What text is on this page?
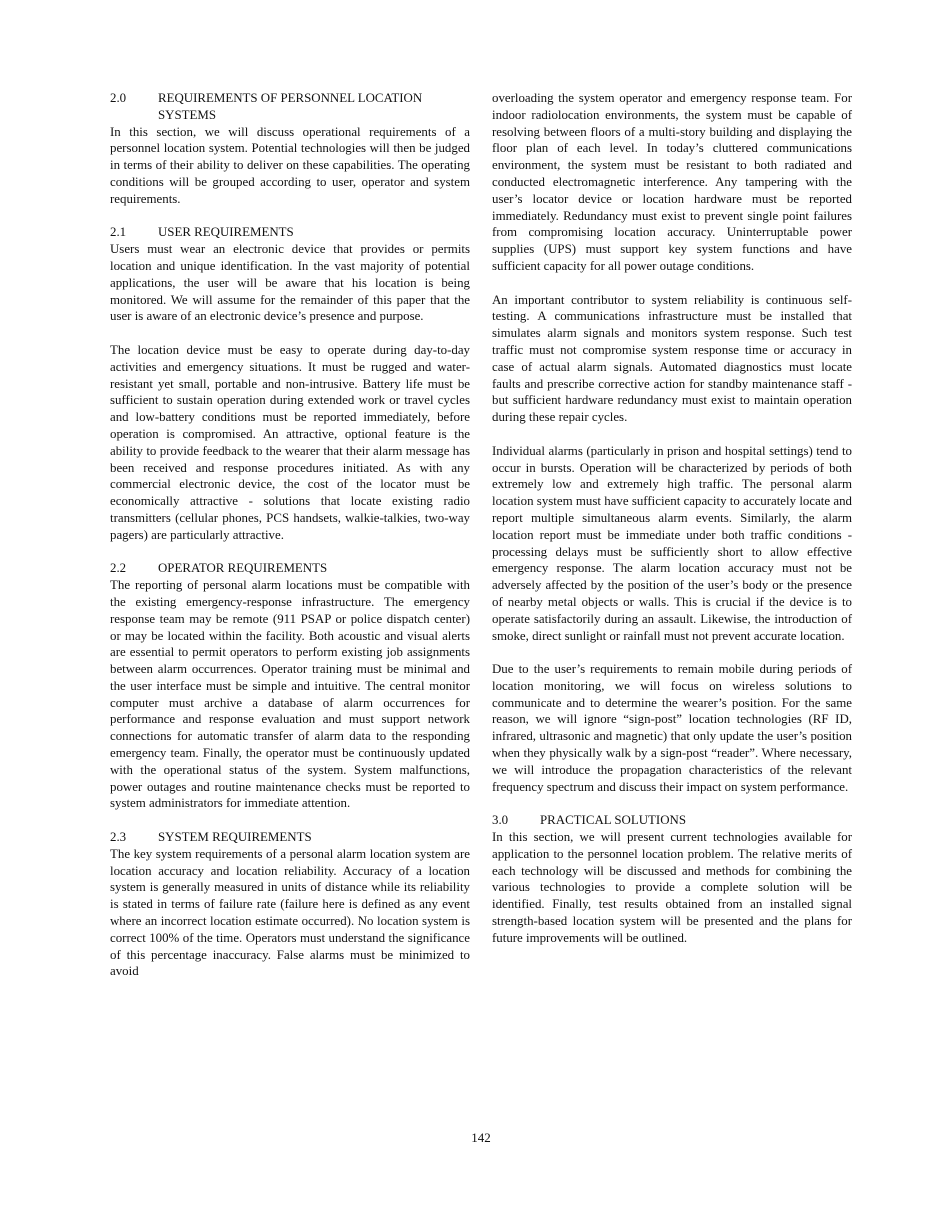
2.0	REQUIREMENTS OF PERSONNEL LOCATION SYSTEMS

In this section, we will discuss operational requirements of a personnel location system. Potential technologies will then be judged in terms of their ability to deliver on these capabilities. The operating conditions will be grouped according to user, operator and system requirements.

2.1	USER REQUIREMENTS

Users must wear an electronic device that provides or permits location and unique identification. In the vast majority of potential applications, the user will be aware that his location is being monitored. We will assume for the remainder of this paper that the user is aware of an electronic device’s presence and purpose.

The location device must be easy to operate during day-to-day activities and emergency situations. It must be rugged and water-resistant yet small, portable and non-intrusive. Battery life must be sufficient to sustain operation during extended work or travel cycles and low-battery conditions must be reported immediately, before operation is compromised. An attractive, optional feature is the ability to provide feedback to the wearer that their alarm message has been received and response procedures initiated. As with any commercial electronic device, the cost of the locator must be economically attractive - solutions that locate existing radio transmitters (cellular phones, PCS handsets, walkie-talkies, two-way pagers) are particularly attractive.

2.2	OPERATOR REQUIREMENTS

The reporting of personal alarm locations must be compatible with the existing emergency-response infrastructure. The emergency response team may be remote (911 PSAP or police dispatch center) or may be located within the facility. Both acoustic and visual alerts are essential to permit operators to perform existing job assignments between alarm occurrences. Operator training must be minimal and the user interface must be simple and intuitive. The central monitor computer must archive a database of alarm occurrences for performance and response evaluation and must support network connections for automatic transfer of alarm data to the responding emergency team. Finally, the operator must be continuously updated with the operational status of the system. System malfunctions, power outages and routine maintenance checks must be reported to system administrators for immediate attention.

2.3	SYSTEM REQUIREMENTS

The key system requirements of a personal alarm location system are location accuracy and location reliability. Accuracy of a location system is generally measured in units of distance while its reliability is stated in terms of failure rate (failure here is defined as any event where an incorrect location estimate occurred). No location system is correct 100% of the time. Operators must understand the significance of this percentage inaccuracy. False alarms must be minimized to avoid

overloading the system operator and emergency response team. For indoor radiolocation environments, the system must be capable of resolving between floors of a multi-story building and displaying the floor plan of each level. In today’s cluttered communications environment, the system must be resistant to both radiated and conducted electromagnetic interference. Any tampering with the user’s locator device or location hardware must be reported immediately. Redundancy must exist to prevent single point failures from compromising location accuracy. Uninterruptable power supplies (UPS) must support key system functions and have sufficient capacity for all power outage conditions.

An important contributor to system reliability is continuous self-testing. A communications infrastructure must be installed that simulates alarm signals and monitors system response. Such test traffic must not compromise system response time or accuracy in case of actual alarm signals. Automated diagnostics must locate faults and prescribe corrective action for standby maintenance staff - but sufficient hardware redundancy must exist to maintain operation during these repair cycles.

Individual alarms (particularly in prison and hospital settings) tend to occur in bursts. Operation will be characterized by periods of both extremely low and extremely high traffic. The personal alarm location system must have sufficient capacity to accurately locate and report multiple simultaneous alarm events. Similarly, the alarm location report must be immediate under both traffic conditions - processing delays must be sufficiently short to allow effective emergency response. The alarm location accuracy must not be adversely affected by the position of the user’s body or the presence of nearby metal objects or walls. This is crucial if the device is to operate satisfactorily during an assault. Likewise, the introduction of smoke, direct sunlight or rainfall must not prevent accurate location.

Due to the user’s requirements to remain mobile during periods of location monitoring, we will focus on wireless solutions to communicate and to determine the wearer’s position. For the same reason, we will ignore “sign-post” location technologies (RF ID, infrared, ultrasonic and magnetic) that only update the user’s position when they physically walk by a sign-post “reader”. Where necessary, we will introduce the propagation characteristics of the relevant frequency spectrum and discuss their impact on system performance.

3.0	PRACTICAL SOLUTIONS

In this section, we will present current technologies available for application to the personnel location problem. The relative merits of each technology will be discussed and methods for combining the various technologies to provide a complete solution will be identified. Finally, test results obtained from an installed signal strength-based location system will be presented and the plans for future improvements will be outlined.

142
